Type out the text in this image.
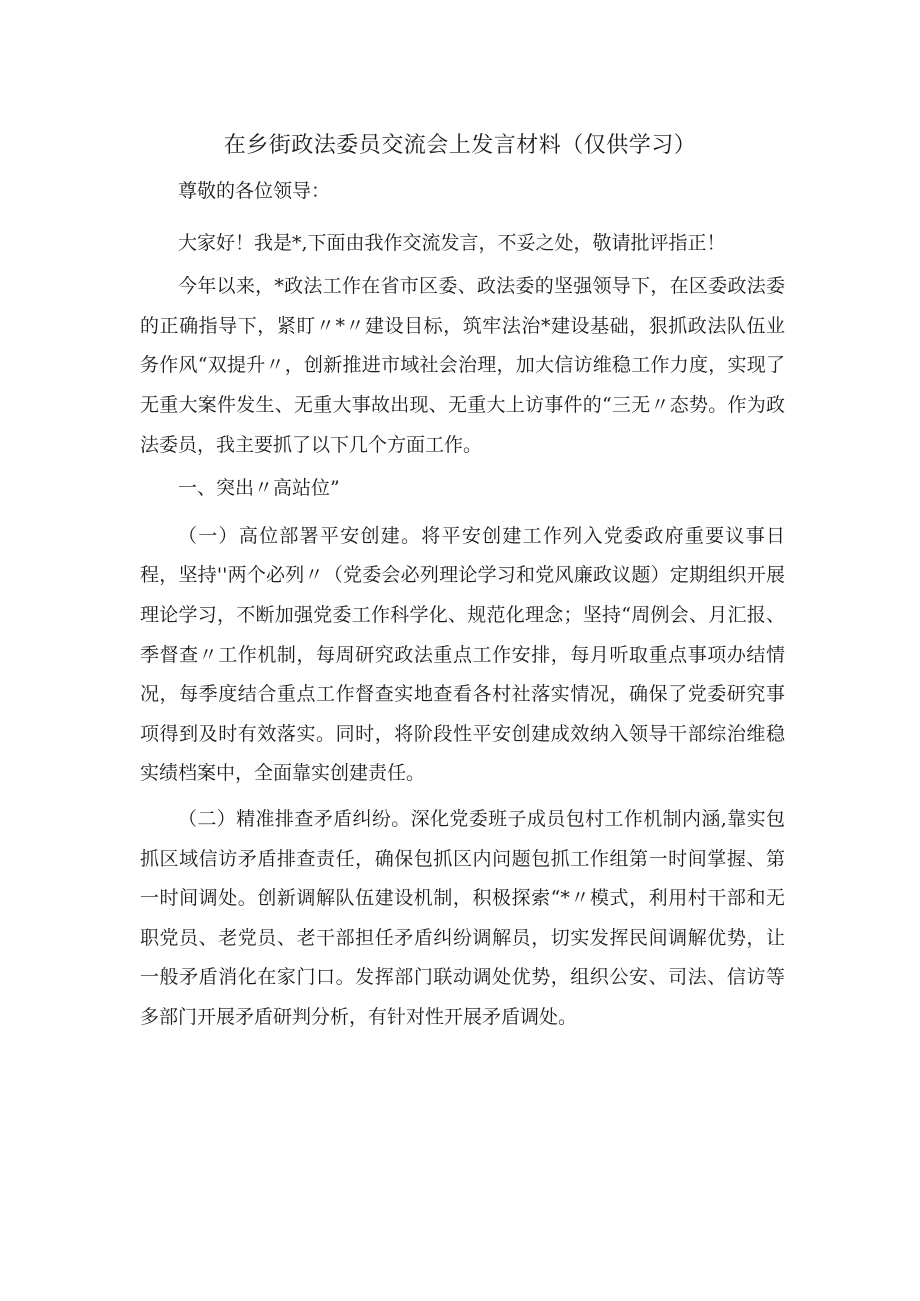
在乡街政法委员交流会上发言材料（仅供学习）

尊敬的各位领导：

大家好！我是*,下面由我作交流发言，不妥之处，敬请批评指正！

今年以来，*政法工作在省市区委、政法委的坚强领导下，在区委政法委的正确指导下，紧盯〃*〃建设目标，筑牢法治*建设基础，狠抓政法队伍业务作风“双提升〃，创新推进市域社会治理，加大信访维稳工作力度，实现了无重大案件发生、无重大事故出现、无重大上访事件的“三无〃态势。作为政法委员，我主要抓了以下几个方面工作。

一、突出〃高站位”

（一）高位部署平安创建。将平安创建工作列入党委政府重要议事日程，坚持''两个必列〃（党委会必列理论学习和党风廉政议题）定期组织开展理论学习，不断加强党委工作科学化、规范化理念；坚持“周例会、月汇报、季督查〃工作机制，每周研究政法重点工作安排，每月听取重点事项办结情况，每季度结合重点工作督查实地查看各村社落实情况，确保了党委研究事项得到及时有效落实。同时，将阶段性平安创建成效纳入领导干部综治维稳实绩档案中，全面靠实创建责任。

（二）精准排查矛盾纠纷。深化党委班子成员包村工作机制内涵,靠实包抓区域信访矛盾排查责任，确保包抓区内问题包抓工作组第一时间掌握、第一时间调处。创新调解队伍建设机制，积极探索“*〃模式，利用村干部和无职党员、老党员、老干部担任矛盾纠纷调解员，切实发挥民间调解优势，让一般矛盾消化在家门口。发挥部门联动调处优势，组织公安、司法、信访等多部门开展矛盾研判分析，有针对性开展矛盾调处。
